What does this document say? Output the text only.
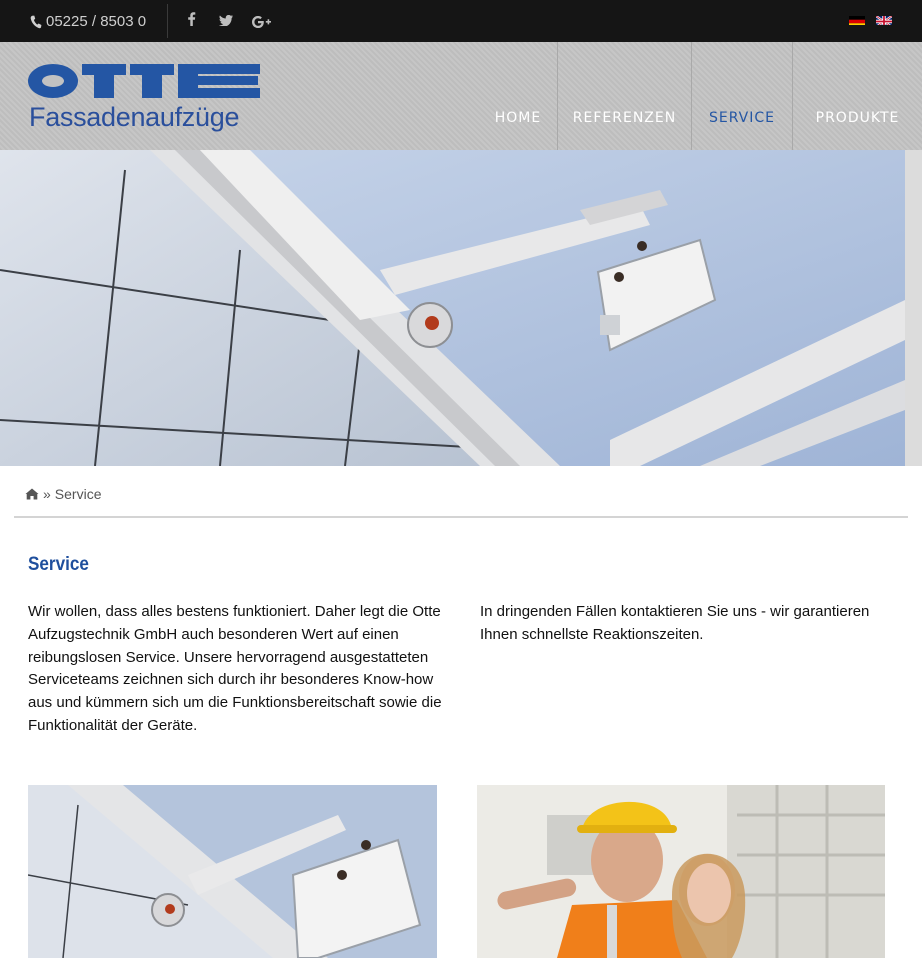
05225 / 8503 0
Fassadenaufzüge	HOME	REFERENZEN	SERVICE	PRODUKTE
» Service
Service

Wir wollen, dass alles bestens funktioniert. Daher legt die Otte Aufzugstechnik GmbH auch besonderen Wert auf einen reibungslosen Service. Unsere hervorragend ausgestatteten Serviceteams zeichnen sich durch ihr besonderes Know-how aus und kümmern sich um die Funktionsbereitschaft sowie die Funktionalität der Geräte.

In dringenden Fällen kontaktieren Sie uns - wir garantieren Ihnen schnellste Reaktionszeiten.
